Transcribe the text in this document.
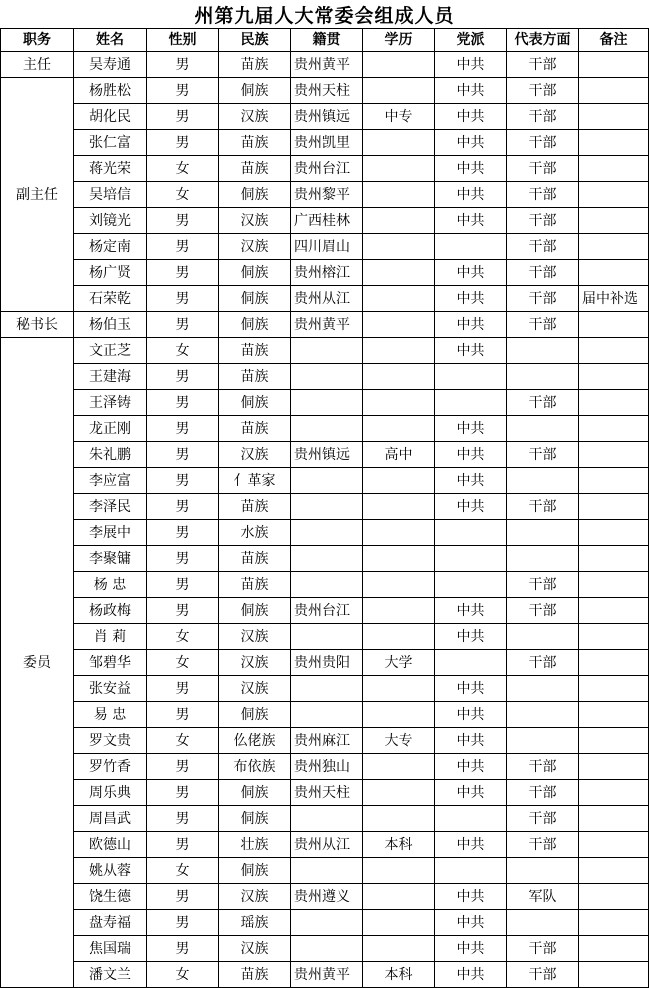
州第九届人大常委会组成人员
职务	姓名	性别	民族	籍贯	学历	党派	代表方面	备注
主任	吴寿通	男	苗族	贵州黄平		中共	干部	
副主任	杨胜松	男	侗族	贵州天柱		中共	干部	
	胡化民	男	汉族	贵州镇远	中专	中共	干部	
	张仁富	男	苗族	贵州凯里		中共	干部	
	蒋光荣	女	苗族	贵州台江		中共	干部	
	吴培信	女	侗族	贵州黎平		中共	干部	
	刘镜光	男	汉族	广西桂林		中共	干部	
	杨定南	男	汉族	四川眉山			干部	
	杨广贤	男	侗族	贵州榕江		中共	干部	
	石荣乾	男	侗族	贵州从江		中共	干部	届中补选
秘书长	杨伯玉	男	侗族	贵州黄平		中共	干部	
委员	文正芝	女	苗族			中共		
	王建海	男	苗族					
	王泽铸	男	侗族				干部	
	龙正刚	男	苗族			中共		
	朱礼鹏	男	汉族	贵州镇远	高中	中共	干部	
	李应富	男	亻革家			中共		
	李泽民	男	苗族			中共	干部	
	李展中	男	水族					
	李聚镛	男	苗族					
	杨 忠	男	苗族				干部	
	杨政梅	男	侗族	贵州台江		中共	干部	
	肖 莉	女	汉族			中共		
	邹碧华	女	汉族	贵州贵阳	大学		干部	
	张安益	男	汉族			中共		
	易 忠	男	侗族			中共		
	罗文贵	女	仫佬族	贵州麻江	大专	中共		
	罗竹香	男	布依族	贵州独山		中共	干部	
	周乐典	男	侗族	贵州天柱		中共	干部	
	周昌武	男	侗族				干部	
	欧德山	男	壮族	贵州从江	本科	中共	干部	
	姚从蓉	女	侗族					
	饶生德	男	汉族	贵州遵义		中共	军队	
	盘寿福	男	瑶族			中共		
	焦国瑞	男	汉族			中共	干部	
	潘文兰	女	苗族	贵州黄平	本科	中共	干部	
